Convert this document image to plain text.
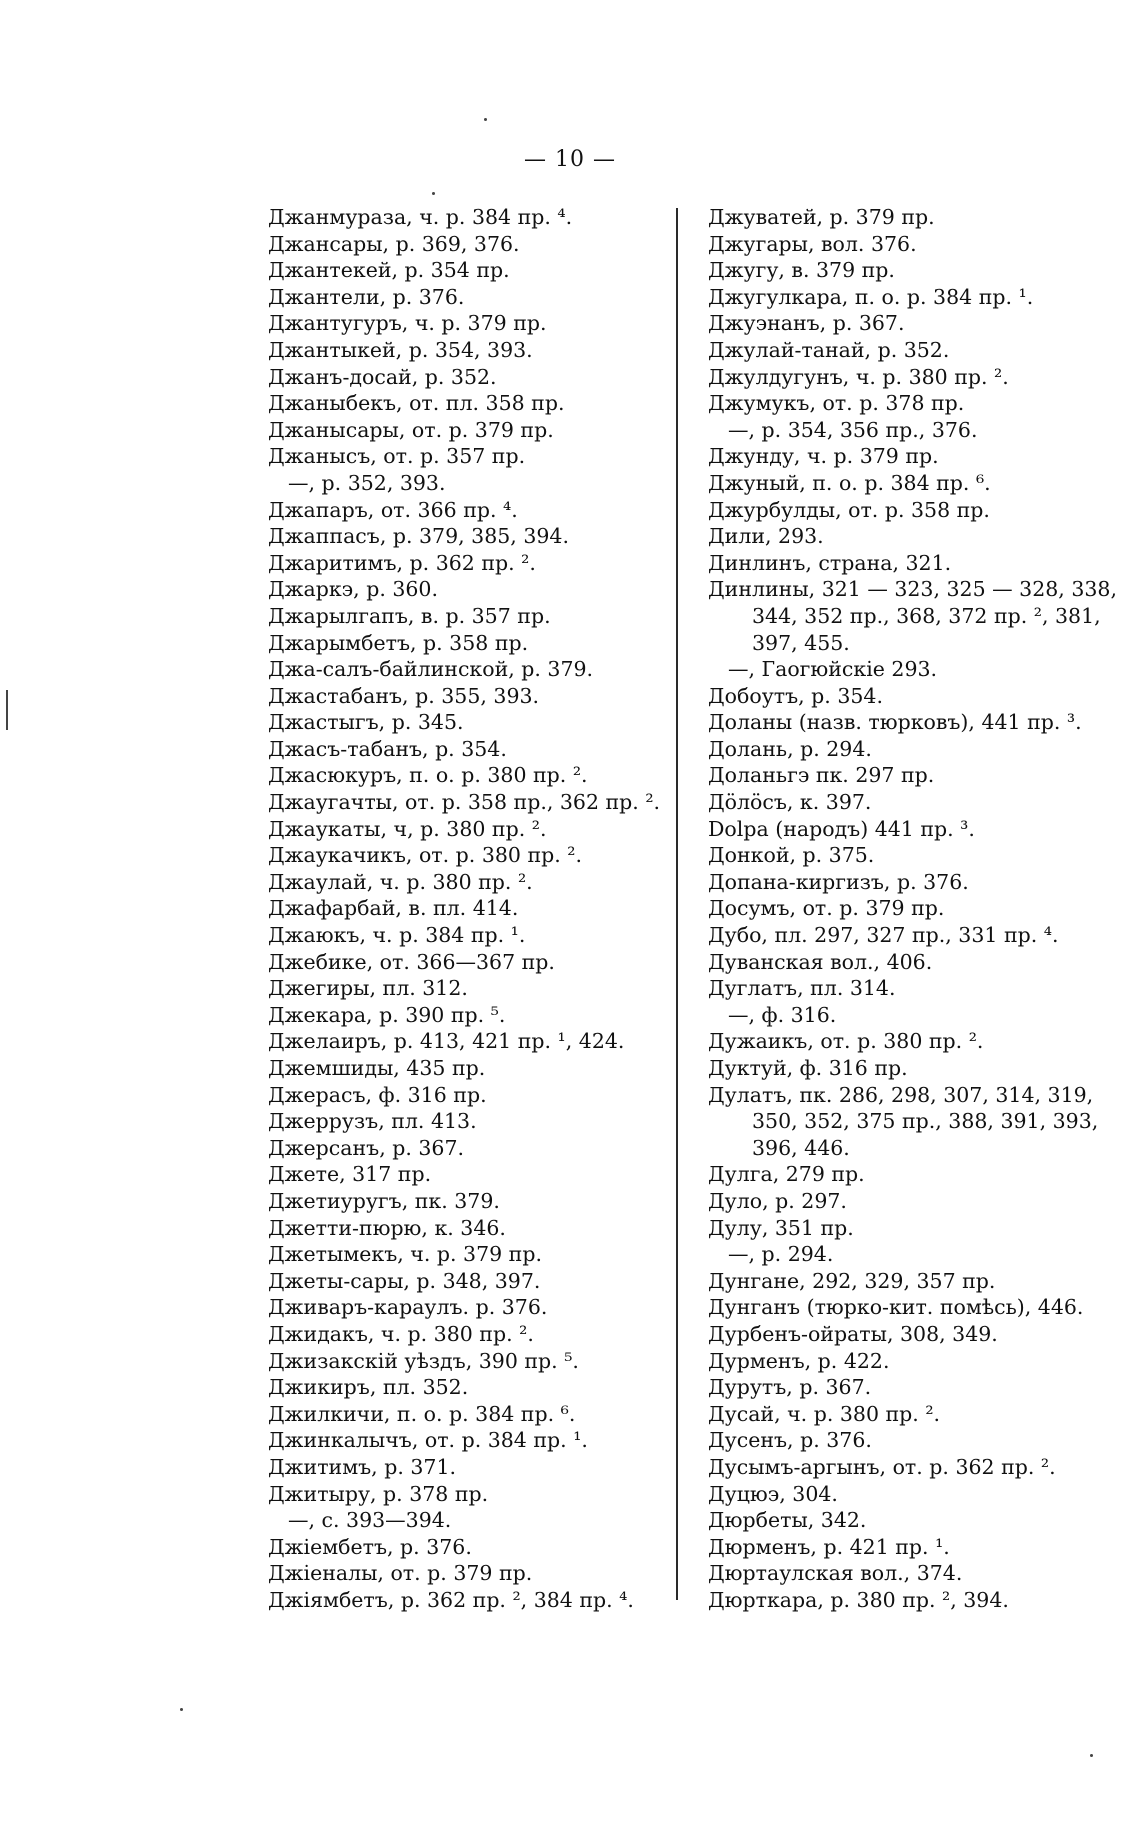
— 10 —
Джанмураза, ч. р. 384 пр. ⁴.
Джансары, р. 369, 376.
Джантекей, р. 354 пр.
Джантели, р. 376.
Джантугуръ, ч. р. 379 пр.
Джантыкей, р. 354, 393.
Джанъ-досай, р. 352.
Джаныбекъ, от. пл. 358 пр.
Джанысары, от. р. 379 пр.
Джанысъ, от. р. 357 пр.
—, р. 352, 393.
Джапаръ, от. 366 пр. ⁴.
Джаппасъ, р. 379, 385, 394.
Джаритимъ, р. 362 пр. ².
Джаркэ, р. 360.
Джарылгапъ, в. р. 357 пр.
Джарымбетъ, р. 358 пр.
Джа-салъ-байлинской, р. 379.
Джастабанъ, р. 355, 393.
Джастыгъ, р. 345.
Джасъ-табанъ, р. 354.
Джасюкуръ, п. о. р. 380 пр. ².
Джаугачты, от. р. 358 пр., 362 пр. ².
Джаукаты, ч, р. 380 пр. ².
Джаукачикъ, от. р. 380 пр. ².
Джаулай, ч. р. 380 пр. ².
Джафарбай, в. пл. 414.
Джаюкъ, ч. р. 384 пр. ¹.
Джебике, от. 366—367 пр.
Джегиры, пл. 312.
Джекара, р. 390 пр. ⁵.
Джелаиръ, р. 413, 421 пр. ¹, 424.
Джемшиды, 435 пр.
Джерасъ, ф. 316 пр.
Джеррузъ, пл. 413.
Джерсанъ, р. 367.
Джете, 317 пр.
Джетиуругъ, пк. 379.
Джетти-пюрю, к. 346.
Джетымекъ, ч. р. 379 пр.
Джеты-сары, р. 348, 397.
Дживаръ-караулъ. р. 376.
Джидакъ, ч. р. 380 пр. ².
Джизакскій уѣздъ, 390 пр. ⁵.
Джикиръ, пл. 352.
Джилкичи, п. о. р. 384 пр. ⁶.
Джинкалычъ, от. р. 384 пр. ¹.
Джитимъ, р. 371.
Джитыру, р. 378 пр.
—, с. 393—394.
Джіембетъ, р. 376.
Джіеналы, от. р. 379 пр.
Джіямбетъ, р. 362 пр. ², 384 пр. ⁴.
Джуватей, р. 379 пр.
Джугары, вол. 376.
Джугу, в. 379 пр.
Джугулкара, п. о. р. 384 пр. ¹.
Джуэнанъ, р. 367.
Джулай-танай, р. 352.
Джулдугунъ, ч. р. 380 пр. ².
Джумукъ, от. р. 378 пр.
—, р. 354, 356 пр., 376.
Джунду, ч. р. 379 пр.
Джуный, п. о. р. 384 пр. ⁶.
Джурбулды, от. р. 358 пр.
Дили, 293.
Динлинъ, страна, 321.
Динлины, 321 — 323, 325 — 328, 338,
344, 352 пр., 368, 372 пр. ², 381,
397, 455.
—, Гаогюйскіе 293.
Добоутъ, р. 354.
Доланы (назв. тюрковъ), 441 пр. ³.
Долань, р. 294.
Доланьгэ пк. 297 пр.
Дöлöсъ, к. 397.
Dolpa (народъ) 441 пр. ³.
Донкой, р. 375.
Допана-киргизъ, р. 376.
Досумъ, от. р. 379 пр.
Дубо, пл. 297, 327 пр., 331 пр. ⁴.
Дуванская вол., 406.
Дуглатъ, пл. 314.
—, ф. 316.
Дужаикъ, от. р. 380 пр. ².
Дуктуй, ф. 316 пр.
Дулатъ, пк. 286, 298, 307, 314, 319,
350, 352, 375 пр., 388, 391, 393,
396, 446.
Дулга, 279 пр.
Дуло, р. 297.
Дулу, 351 пр.
—, р. 294.
Дунгане, 292, 329, 357 пр.
Дунганъ (тюрко-кит. помѣсь), 446.
Дурбенъ-ойраты, 308, 349.
Дурменъ, р. 422.
Дурутъ, р. 367.
Дусай, ч. р. 380 пр. ².
Дусенъ, р. 376.
Дусымъ-аргынъ, от. р. 362 пр. ².
Дуцюэ, 304.
Дюрбеты, 342.
Дюрменъ, р. 421 пр. ¹.
Дюртаулская вол., 374.
Дюрткара, р. 380 пр. ², 394.
